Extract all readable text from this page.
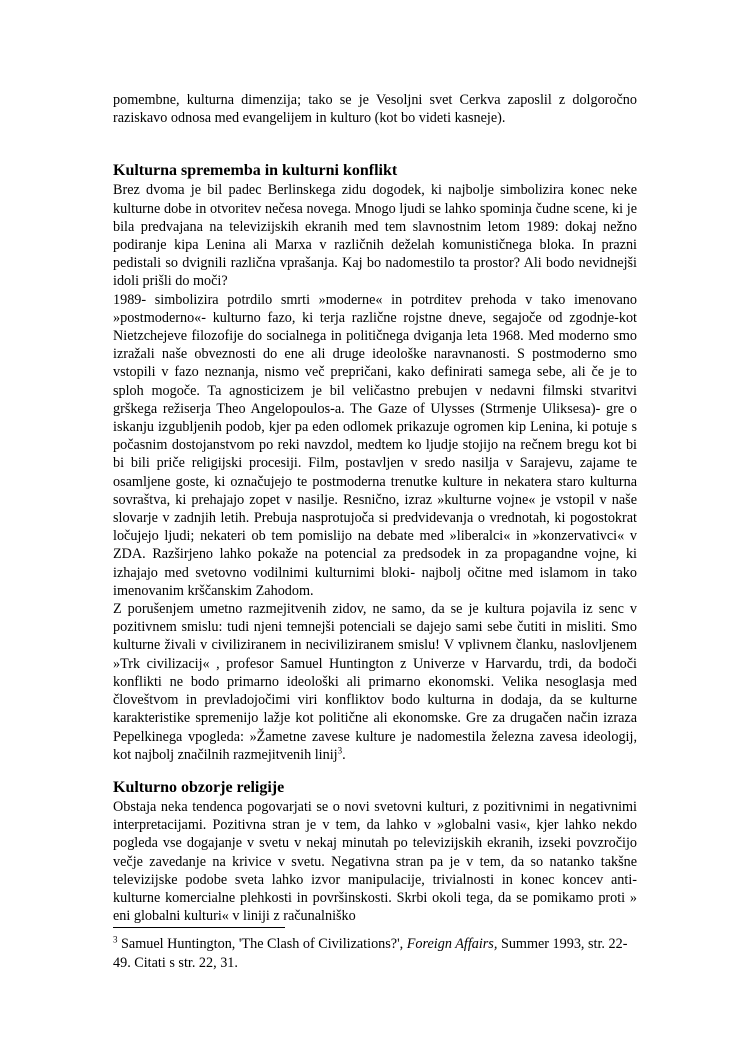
pomembne, kulturna dimenzija; tako se je Vesoljni svet Cerkva zaposlil z dolgoročno raziskavo odnosa med evangelijem in kulturo (kot bo videti kasneje).

Kulturna sprememba in kulturni konflikt

Brez dvoma je bil padec Berlinskega zidu dogodek, ki najbolje simbolizira konec neke kulturne dobe in otvoritev nečesa novega. Mnogo ljudi se lahko spominja čudne scene, ki je bila predvajana na televizijskih ekranih med tem slavnostnim letom 1989: dokaj nežno podiranje kipa Lenina ali Marxa v različnih deželah komunističnega bloka. In prazni pedistali so dvignili različna vprašanja. Kaj bo nadomestilo ta prostor? Ali bodo nevidnejši idoli prišli do moči?

1989- simbolizira potrdilo smrti »moderne« in potrditev prehoda v tako imenovano »postmoderno«- kulturno fazo, ki terja različne rojstne dneve, segajoče od zgodnje-kot Nietzchejeve filozofije do socialnega in političnega dviganja leta 1968. Med moderno smo izražali naše obveznosti do ene ali druge ideološke naravnanosti. S postmoderno smo vstopili v fazo neznanja, nismo več prepričani, kako definirati samega sebe, ali če je to sploh mogoče. Ta agnosticizem je bil veličastno prebujen v nedavni filmski stvaritvi grškega režiserja Theo Angelopoulos-a. The Gaze of Ulysses (Strmenje Uliksesa)- gre o iskanju izgubljenih podob, kjer pa eden odlomek prikazuje ogromen kip Lenina, ki potuje s počasnim dostojanstvom po reki navzdol, medtem ko ljudje stojijo na rečnem bregu kot bi bi bili priče religijski procesiji. Film, postavljen v sredo nasilja v Sarajevu, zajame te osamljene goste, ki označujejo te postmoderna trenutke kulture in nekatera staro kulturna sovraštva, ki prehajajo zopet v nasilje. Resnično, izraz »kulturne vojne« je vstopil v naše slovarje v zadnjih letih. Prebuja nasprotujoča si predvidevanja o vrednotah, ki pogostokrat ločujejo ljudi; nekateri ob tem pomislijo na debate med »liberalci« in »konzervativci« v ZDA. Razširjeno lahko pokaže na potencial za predsodek in za propagandne vojne, ki izhajajo med svetovno vodilnimi kulturnimi bloki- najbolj očitne med islamom in tako imenovanim krščanskim Zahodom.

Z porušenjem umetno razmejitvenih zidov, ne samo, da se je kultura pojavila iz senc v pozitivnem smislu: tudi njeni temnejši potenciali se dajejo sami sebe čutiti in misliti. Smo kulturne živali v civiliziranem in neciviliziranem smislu! V vplivnem članku, naslovljenem »Trk civilizacij« , profesor Samuel Huntington z Univerze v Harvardu, trdi, da bodoči konflikti ne bodo primarno ideološki ali primarno ekonomski. Velika nesoglasja med človeštvom in prevladojočimi viri konfliktov bodo kulturna in dodaja, da se kulturne karakteristike spremenijo lažje kot politične ali ekonomske. Gre za drugačen način izraza Pepelkinega vpogleda: »Žametne zavese kulture je nadomestila železna zavesa ideologij, kot najbolj značilnih razmejitvenih linij$^3$.

Kulturno obzorje religije

Obstaja neka tendenca pogovarjati se o novi svetovni kulturi, z pozitivnimi in negativnimi interpretacijami. Pozitivna stran je v tem, da lahko v »globalni vasi«, kjer lahko nekdo pogleda vse dogajanje v svetu v nekaj minutah po televizijskih ekranih, izseki povzročijo večje zavedanje na krivice v svetu. Negativna stran pa je v tem, da so natanko takšne televizijske podobe sveta lahko izvor manipulacije, trivialnosti in konec koncev anti- kulturne komercialne plehkosti in površinskosti. Skrbi okoli tega, da se pomikamo proti » eni globalni kulturi« v liniji z računalniško

$^3$ Samuel Huntington, 'The Clash of Civilizations?', Foreign Affairs, Summer 1993, str. 22-49. Citati s str. 22, 31.
